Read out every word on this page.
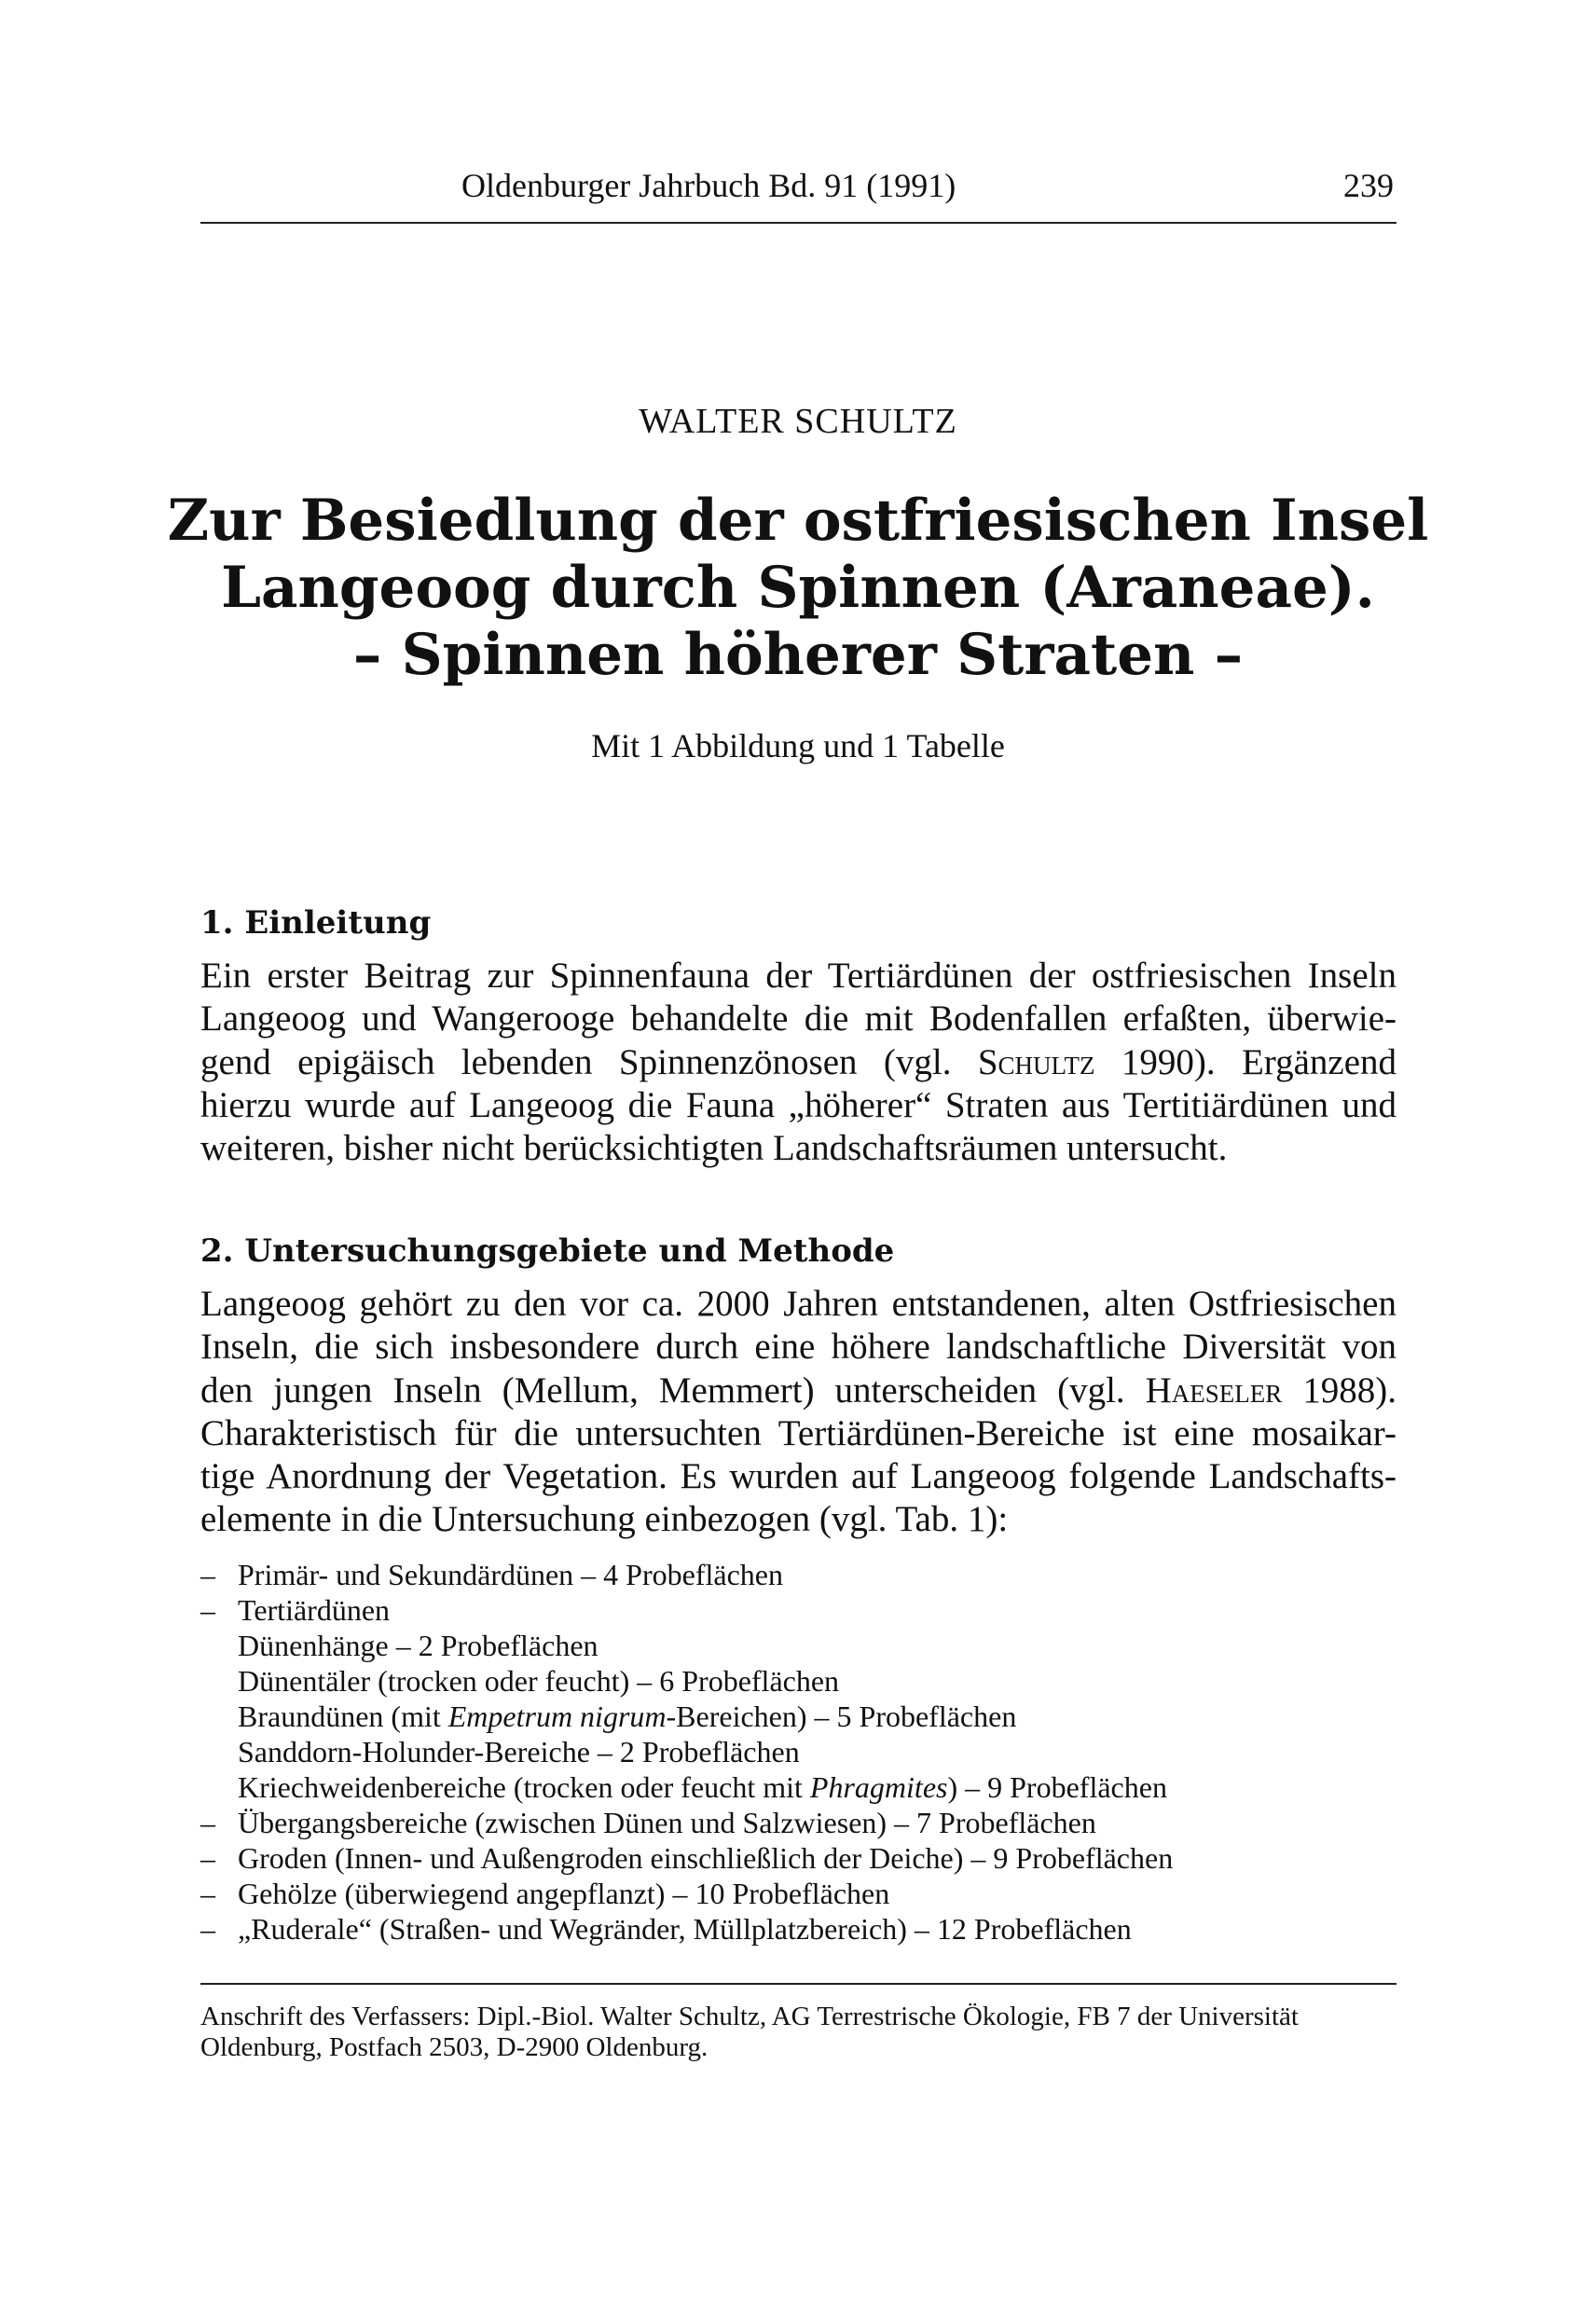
Oldenburger Jahrbuch Bd. 91 (1991)	239
WALTER SCHULTZ
Zur Besiedlung der ostfriesischen Insel
Langeoog durch Spinnen (Araneae).
– Spinnen höherer Straten –
Mit 1 Abbildung und 1 Tabelle
1. Einleitung
Ein erster Beitrag zur Spinnenfauna der Tertiärdünen der ostfriesischen Inseln
Langeoog und Wangerooge behandelte die mit Bodenfallen erfaßten, überwie-
gend epigäisch lebenden Spinnenzönosen (vgl. Schultz 1990). Ergänzend
hierzu wurde auf Langeoog die Fauna „höherer“ Straten aus Tertitiärdünen und
weiteren, bisher nicht berücksichtigten Landschaftsräumen untersucht.
2. Untersuchungsgebiete und Methode
Langeoog gehört zu den vor ca. 2000 Jahren entstandenen, alten Ostfriesischen
Inseln, die sich insbesondere durch eine höhere landschaftliche Diversität von
den jungen Inseln (Mellum, Memmert) unterscheiden (vgl. Haeseler 1988).
Charakteristisch für die untersuchten Tertiärdünen-Bereiche ist eine mosaikar-
tige Anordnung der Vegetation. Es wurden auf Langeoog folgende Landschafts-
elemente in die Untersuchung einbezogen (vgl. Tab. 1):
– Primär- und Sekundärdünen – 4 Probeflächen
– Tertiärdünen
Dünenhänge – 2 Probeflächen
Dünentäler (trocken oder feucht) – 6 Probeflächen
Braundünen (mit Empetrum nigrum-Bereichen) – 5 Probeflächen
Sanddorn-Holunder-Bereiche – 2 Probeflächen
Kriechweidenbereiche (trocken oder feucht mit Phragmites) – 9 Probeflächen
– Übergangsbereiche (zwischen Dünen und Salzwiesen) – 7 Probeflächen
– Groden (Innen- und Außengroden einschließlich der Deiche) – 9 Probeflächen
– Gehölze (überwiegend angepflanzt) – 10 Probeflächen
– „Ruderale“ (Straßen- und Wegränder, Müllplatzbereich) – 12 Probeflächen
Anschrift des Verfassers: Dipl.-Biol. Walter Schultz, AG Terrestrische Ökologie, FB 7 der Universität
Oldenburg, Postfach 2503, D-2900 Oldenburg.
